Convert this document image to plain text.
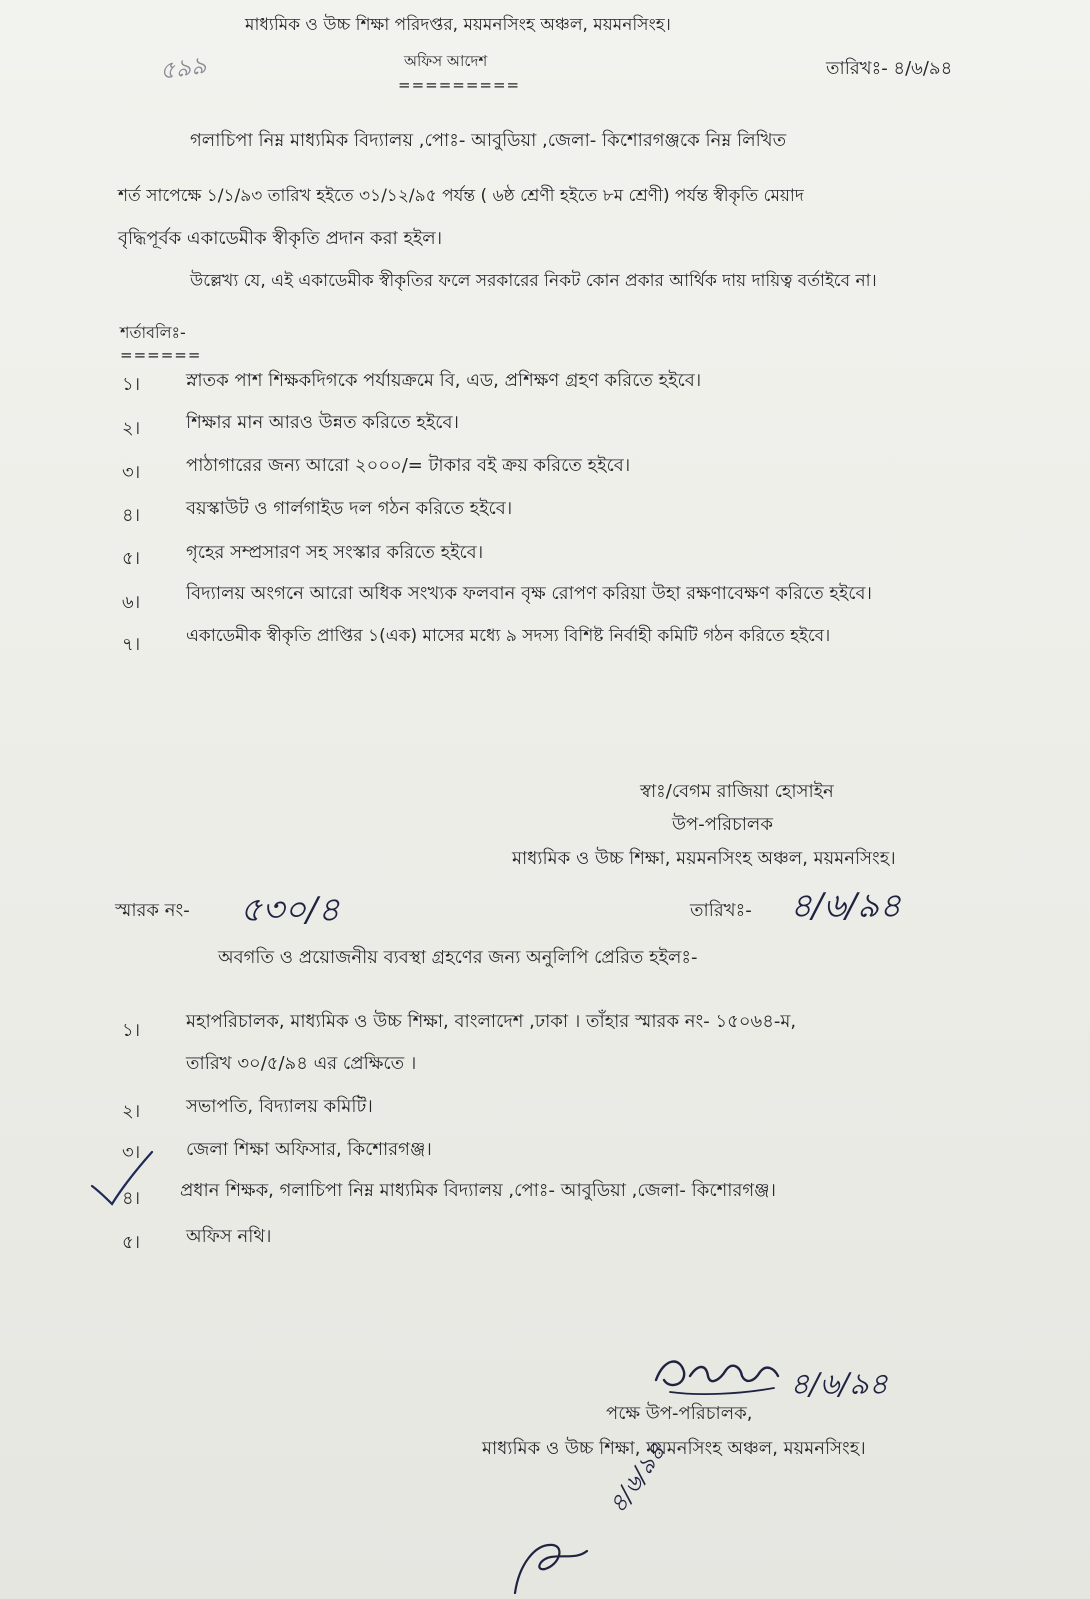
মাধ্যমিক ও উচ্চ শিক্ষা পরিদপ্তর, ময়মনসিংহ অঞ্চল, ময়মনসিংহ।
৫৯৯	অফিস আদেশ
=========
তারিখঃ- ৪/৬/৯৪
গলাচিপা নিম্ন মাধ্যমিক বিদ্যালয় ,পোঃ- আবুডিয়া ,জেলা- কিশোরগঞ্জকে নিম্ন লিখিত
শর্ত সাপেক্ষে ১/১/৯৩ তারিখ হইতে ৩১/১২/৯৫ পর্যন্ত ( ৬ষ্ঠ শ্রেণী হইতে ৮ম শ্রেণী) পর্যন্ত স্বীকৃতি মেয়াদ
বৃদ্ধিপূর্বক একাডেমীক স্বীকৃতি প্রদান করা হইল।
উল্লেখ্য যে, এই একাডেমীক স্বীকৃতির ফলে সরকারের নিকট কোন প্রকার আর্থিক দায় দায়িত্ব বর্তাইবে না।
শর্তাবলিঃ-
======
১।	স্নাতক পাশ শিক্ষকদিগকে পর্যায়ক্রমে বি, এড, প্রশিক্ষণ গ্রহণ করিতে হইবে।
২।	শিক্ষার মান আরও উন্নত করিতে হইবে।
৩।	পাঠাগারের জন্য আরো ২০০০/= টাকার বই ক্রয় করিতে হইবে।
৪।	বয়স্কাউট ও গার্লগাইড দল গঠন করিতে হইবে।
৫।	গৃহের সম্প্রসারণ সহ সংস্কার করিতে হইবে।
৬।	বিদ্যালয় অংগনে আরো অধিক সংখ্যক ফলবান বৃক্ষ রোপণ করিয়া উহা রক্ষণাবেক্ষণ করিতে হইবে।
৭।	একাডেমীক স্বীকৃতি প্রাপ্তির ১(এক) মাসের মধ্যে ৯ সদস্য বিশিষ্ট নির্বাহী কমিটি গঠন করিতে হইবে।
স্বাঃ/বেগম রাজিয়া হোসাইন
উপ-পরিচালক
মাধ্যমিক ও উচ্চ শিক্ষা, ময়মনসিংহ অঞ্চল, ময়মনসিংহ।
স্মারক নং- ৫৩০/৪	তারিখঃ- ৪/৬/৯৪
অবগতি ও প্রয়োজনীয় ব্যবস্থা গ্রহণের জন্য অনুলিপি প্রেরিত হইলঃ-
১।	মহাপরিচালক, মাধ্যমিক ও উচ্চ শিক্ষা, বাংলাদেশ ,ঢাকা । তাঁহার স্মারক নং- ১৫০৬৪-ম,
তারিখ ৩০/৫/৯৪ এর প্রেক্ষিতে ।
২।	সভাপতি, বিদ্যালয় কমিটি।
৩।	জেলা শিক্ষা অফিসার, কিশোরগঞ্জ।
৪। প্রধান শিক্ষক, গলাচিপা নিম্ন মাধ্যমিক বিদ্যালয় ,পোঃ- আবুডিয়া ,জেলা- কিশোরগঞ্জ।
৫।	অফিস নথি।
৪/৬/৯৪
পক্ষে উপ-পরিচালক,
মাধ্যমিক ও উচ্চ শিক্ষা, ময়মনসিংহ অঞ্চল, ময়মনসিংহ।
৪/৬/৯৪
